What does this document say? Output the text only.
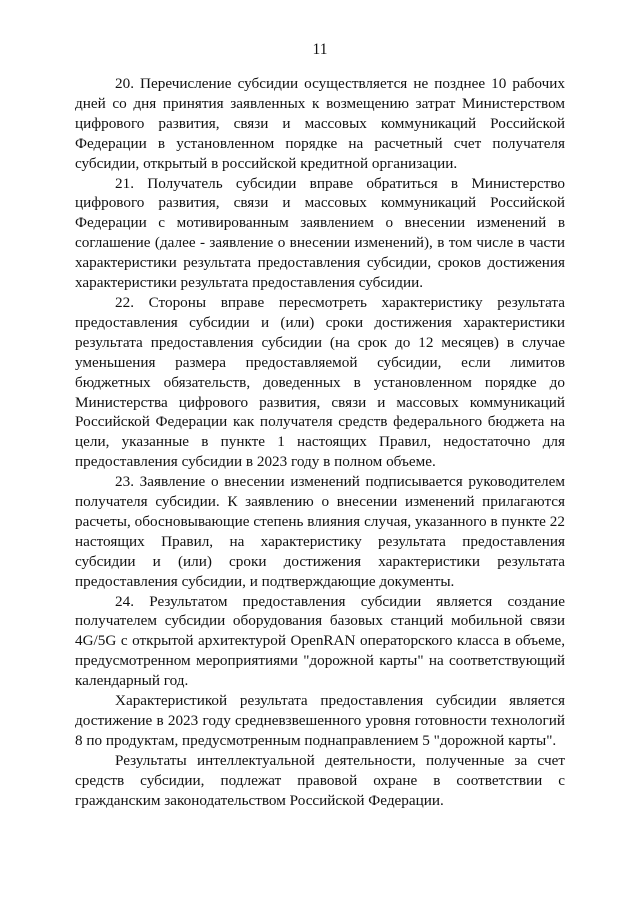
11

20. Перечисление субсидии осуществляется не позднее 10 рабочих дней со дня принятия заявленных к возмещению затрат Министерством цифрового развития, связи и массовых коммуникаций Российской Федерации в установленном порядке на расчетный счет получателя субсидии, открытый в российской кредитной организации.

21. Получатель субсидии вправе обратиться в Министерство цифрового развития, связи и массовых коммуникаций Российской Федерации с мотивированным заявлением о внесении изменений в соглашение (далее - заявление о внесении изменений), в том числе в части характеристики результата предоставления субсидии, сроков достижения характеристики результата предоставления субсидии.

22. Стороны вправе пересмотреть характеристику результата предоставления субсидии и (или) сроки достижения характеристики результата предоставления субсидии (на срок до 12 месяцев) в случае уменьшения размера предоставляемой субсидии, если лимитов бюджетных обязательств, доведенных в установленном порядке до Министерства цифрового развития, связи и массовых коммуникаций Российской Федерации как получателя средств федерального бюджета на цели, указанные в пункте 1 настоящих Правил, недостаточно для предоставления субсидии в 2023 году в полном объеме.

23. Заявление о внесении изменений подписывается руководителем получателя субсидии. К заявлению о внесении изменений прилагаются расчеты, обосновывающие степень влияния случая, указанного в пункте 22 настоящих Правил, на характеристику результата предоставления субсидии и (или) сроки достижения характеристики результата предоставления субсидии, и подтверждающие документы.

24. Результатом предоставления субсидии является создание получателем субсидии оборудования базовых станций мобильной связи 4G/5G с открытой архитектурой OpenRAN операторского класса в объеме, предусмотренном мероприятиями "дорожной карты" на соответствующий календарный год.

Характеристикой результата предоставления субсидии является достижение в 2023 году средневзвешенного уровня готовности технологий 8 по продуктам, предусмотренным поднаправлением 5 "дорожной карты".

Результаты интеллектуальной деятельности, полученные за счет средств субсидии, подлежат правовой охране в соответствии с гражданским законодательством Российской Федерации.
